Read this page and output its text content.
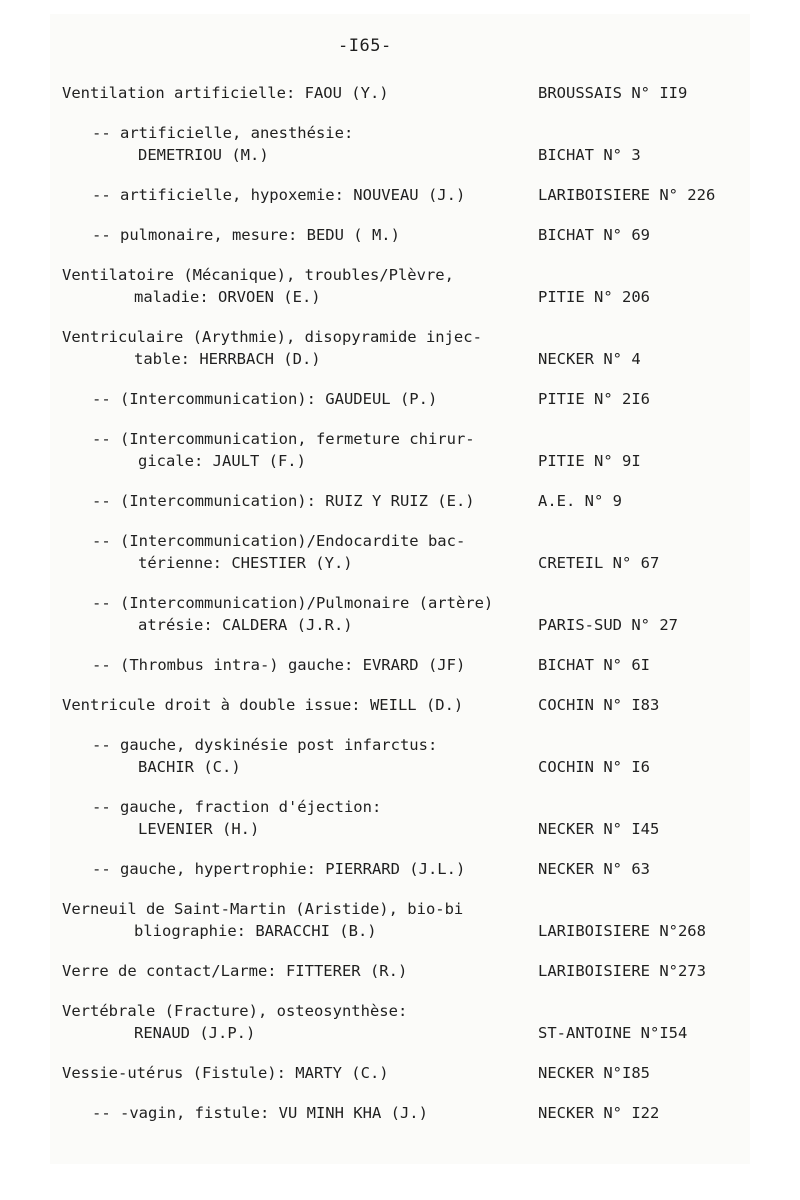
-I65-
Ventilation artificielle: FAOU (Y.)	BROUSSAIS N° II9
-- artificielle, anesthésie:
DEMETRIOU (M.)	BICHAT N° 3
-- artificielle, hypoxemie: NOUVEAU (J.)	LARIBOISIERE N° 226
-- pulmonaire, mesure: BEDU ( M.)	BICHAT N° 69
Ventilatoire (Mécanique), troubles/Plèvre,
maladie: ORVOEN (E.)	PITIE N° 206
Ventriculaire (Arythmie), disopyramide injec-
table: HERRBACH (D.)	NECKER N° 4
-- (Intercommunication): GAUDEUL (P.)	PITIE N° 2I6
-- (Intercommunication, fermeture chirur-
gicale: JAULT (F.)	PITIE N° 9I
-- (Intercommunication): RUIZ Y RUIZ (E.)	A.E. N° 9
-- (Intercommunication)/Endocardite bac-
térienne: CHESTIER (Y.)	CRETEIL N° 67
-- (Intercommunication)/Pulmonaire (artère)
atrésie: CALDERA (J.R.)	PARIS-SUD N° 27
-- (Thrombus intra-) gauche: EVRARD (JF)	BICHAT N° 6I
Ventricule droit à double issue: WEILL (D.)	COCHIN N° I83
-- gauche, dyskinésie post infarctus:
BACHIR (C.)	COCHIN N° I6
-- gauche, fraction d'éjection:
LEVENIER (H.)	NECKER N° I45
-- gauche, hypertrophie: PIERRARD (J.L.)	NECKER N° 63
Verneuil de Saint-Martin (Aristide), bio-bi
bliographie: BARACCHI (B.)	LARIBOISIERE N°268
Verre de contact/Larme: FITTERER (R.)	LARIBOISIERE N°273
Vertébrale (Fracture), osteosynthèse:
RENAUD (J.P.)	ST-ANTOINE N°I54
Vessie-utérus (Fistule): MARTY (C.)	NECKER N°I85
-- -vagin, fistule: VU MINH KHA (J.)	NECKER N° I22
